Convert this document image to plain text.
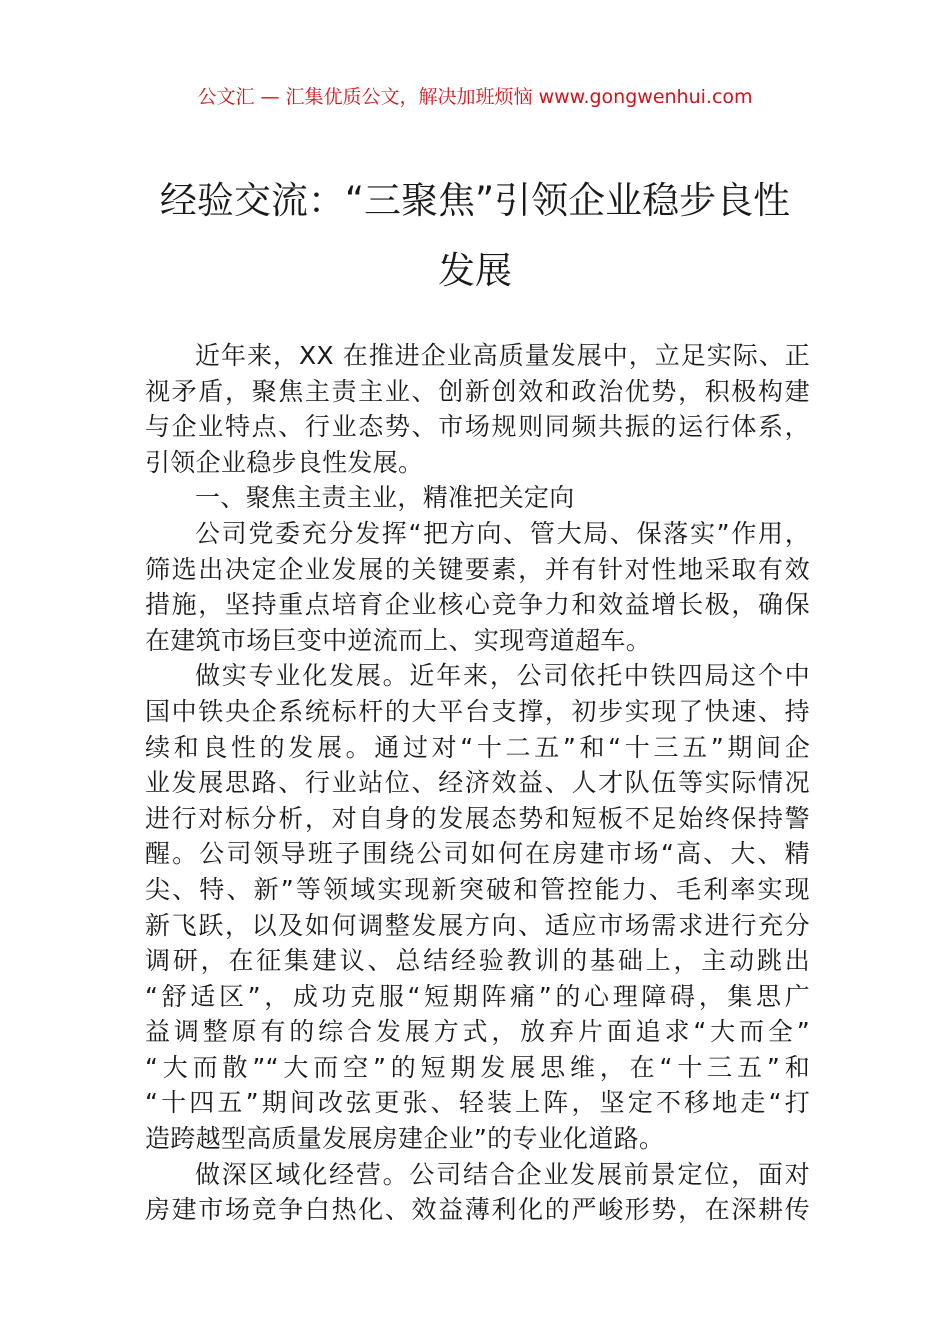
公文汇 — 汇集优质公文，解决加班烦恼 www.gongwenhui.com
经验交流：“三聚焦”引领企业稳步良性
发展
近年来，XX 在推进企业高质量发展中，立足实际、正
视矛盾，聚焦主责主业、创新创效和政治优势，积极构建
与企业特点、行业态势、市场规则同频共振的运行体系，
引领企业稳步良性发展。
一、聚焦主责主业，精准把关定向
公司党委充分发挥“把方向、管大局、保落实”作用，
筛选出决定企业发展的关键要素，并有针对性地采取有效
措施，坚持重点培育企业核心竞争力和效益增长极，确保
在建筑市场巨变中逆流而上、实现弯道超车。
做实专业化发展。近年来，公司依托中铁四局这个中
国中铁央企系统标杆的大平台支撑，初步实现了快速、持
续和良性的发展。通过对“十二五”和“十三五”期间企
业发展思路、行业站位、经济效益、人才队伍等实际情况
进行对标分析，对自身的发展态势和短板不足始终保持警
醒。公司领导班子围绕公司如何在房建市场“高、大、精
尖、特、新”等领域实现新突破和管控能力、毛利率实现
新飞跃，以及如何调整发展方向、适应市场需求进行充分
调研，在征集建议、总结经验教训的基础上，主动跳出
“舒适区”，成功克服“短期阵痛”的心理障碍，集思广
益调整原有的综合发展方式，放弃片面追求“大而全”
“大而散”“大而空”的短期发展思维，在“十三五”和
“十四五”期间改弦更张、轻装上阵，坚定不移地走“打
造跨越型高质量发展房建企业”的专业化道路。
做深区域化经营。公司结合企业发展前景定位，面对
房建市场竞争白热化、效益薄利化的严峻形势，在深耕传
